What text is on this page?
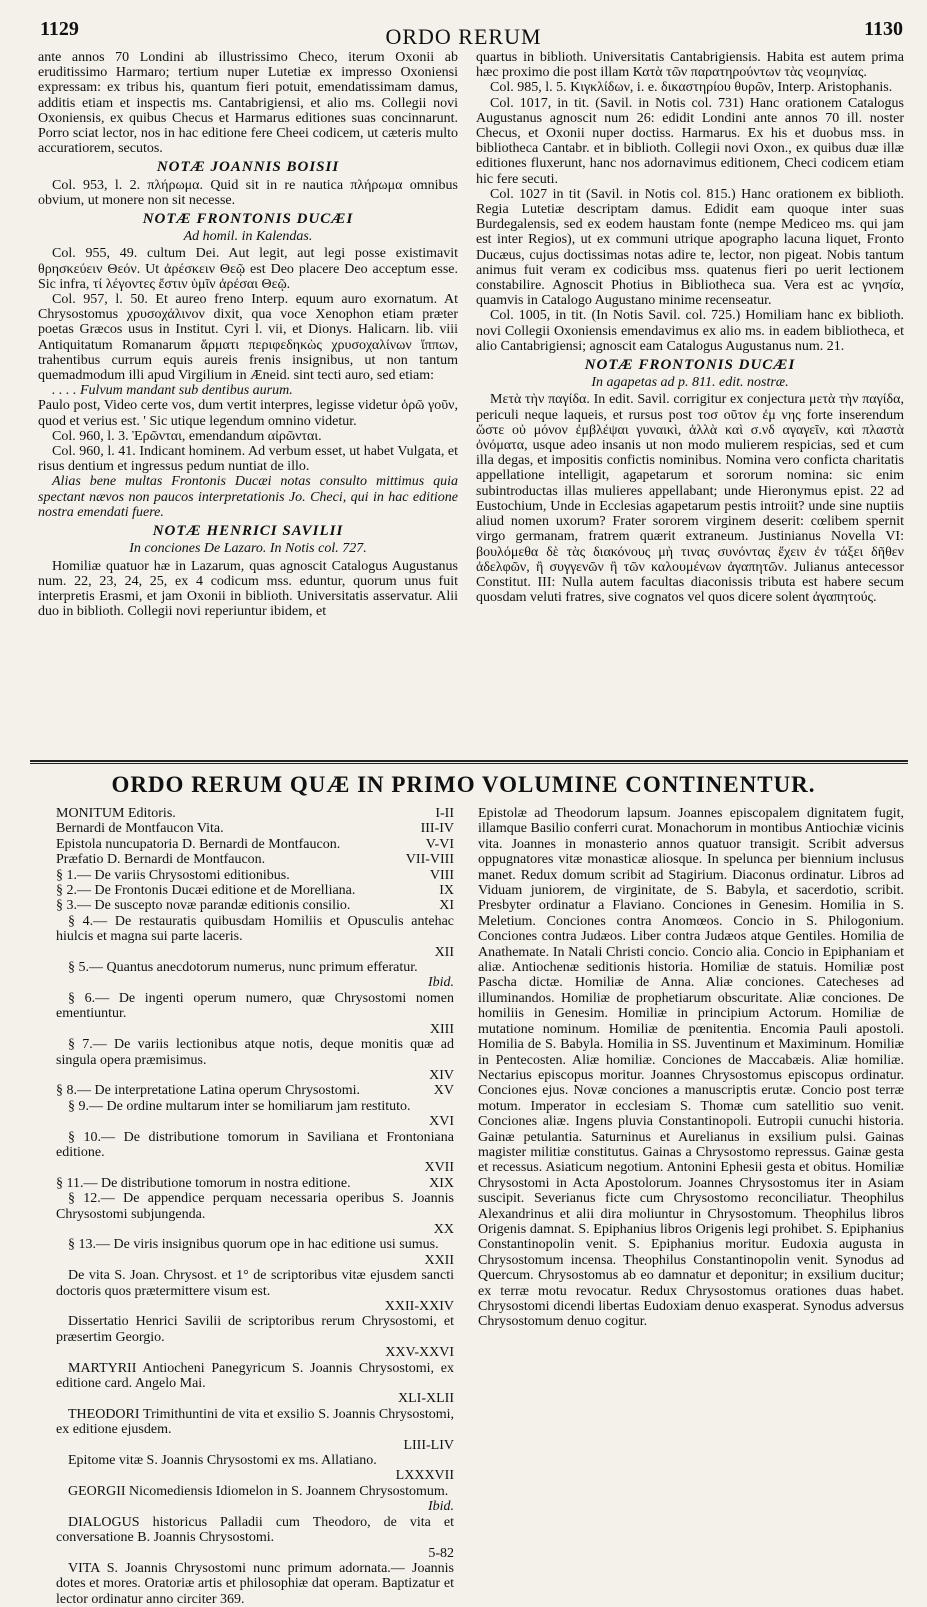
1129	ORDO RERUM	1130

ante annos 70 Londini ab illustrissimo Checo, iterum Oxonii ab eruditissimo Harmaro; tertium nuper Lutetiæ ex impresso Oxoniensi expressam: ex tribus his, quantum fieri potuit, emendatissimam damus, additis etiam et inspectis ms. Cantabrigiensi, et alio ms. Collegii novi Oxoniensis, ex quibus Checus et Harmarus editiones suas concinnarunt. Porro sciat lector, nos in hac editione fere Cheei codicem, ut cæteris multo accuratiorem, secutos.

NOTÆ JOANNIS BOISII

Col. 953, l. 2. πλήρωμα. Quid sit in re nautica πλήρωμα omnibus obvium, ut monere non sit necesse.

NOTÆ FRONTONIS DUCÆI
Ad homil. in Kalendas.

Col. 955, 49. cultum Dei. Aut legit, aut legi posse existimavit θρησκεύειν Θεόν. Ut ἀρέσκειν Θεῷ est Deo placere Deo acceptum esse. Sic infra, τί λέγοντες ἔστιν ὑμῖν ἀρέσαι Θεῷ.

Col. 957, l. 50. Et aureo freno Interp. equum auro exornatum. At Chrysostomus χρυσοχάλινον dixit, qua voce Xenophon etiam præter poetas Græcos usus in Institut. Cyri l. vii, et Dionys. Halicarn. lib. viii Antiquitatum Romanarum ἅρματι περιφεδηκὼς χρυσοχαλίνων ἵππων, trahentibus currum equis aureis frenis insignibus, ut non tantum quemadmodum illi apud Virgilium in Æneid. sint tecti auro, sed etiam:

. . . . Fulvum mandant sub dentibus aurum.

Paulo post, Video certe vos, dum vertit interpres, legisse videtur ὁρῶ γοῦν, quod et verius est. ' Sic utique legendum omnino videtur.

Col. 960, l. 3. Ἐρῶνται, emendandum αἰρῶνται.

Col. 960, l. 41. Indicant hominem. Ad verbum esset, ut habet Vulgata, et risus dentium et ingressus pedum nuntiat de illo.

Alias bene multas Frontonis Ducæi notas consulto mittimus quia spectant nævos non paucos interpretationis Jo. Checi, qui in hac editione nostra emendati fuere.

NOTÆ HENRICI SAVILII
In conciones De Lazaro. In Notis col. 727.

Homiliæ quatuor hæ in Lazarum, quas agnoscit Catalogus Augustanus num. 22, 23, 24, 25, ex 4 codicum mss. eduntur, quorum unus fuit interpretis Erasmi, et jam Oxonii in biblioth. Universitatis asservatur. Alii duo in biblioth. Collegii novi reperiuntur ibidem, et

quartus in biblioth. Universitatis Cantabrigiensis. Habita est autem prima hæc proximo die post illam Κατὰ τῶν παρατηρούντων τὰς νεομηνίας.

Col. 985, l. 5. Κιγκλίδων, i. e. δικαστηρίου θυρῶν, Interp. Aristophanis.

Col. 1017, in tit. (Savil. in Notis col. 731) Hanc orationem Catalogus Augustanus agnoscit num 26: edidit Londini ante annos 70 ill. noster Checus, et Oxonii nuper doctiss. Harmarus. Ex his et duobus mss. in bibliotheca Cantabr. et in biblioth. Collegii novi Oxon., ex quibus duæ illæ editiones fluxerunt, hanc nos adornavimus editionem, Checi codicem etiam hic fere secuti.

Col. 1027 in tit (Savil. in Notis col. 815.) Hanc orationem ex biblioth. Regia Lutetiæ descriptam damus. Edidit eam quoque inter suas Burdegalensis, sed ex eodem haustam fonte (nempe Mediceo ms. qui jam est inter Regios), ut ex communi utrique apographo lacuna liquet, Fronto Ducæus, cujus doctissimas notas adire te, lector, non pigeat. Nobis tantum animus fuit veram ex codicibus mss. quatenus fieri po uerit lectionem constabilire. Agnoscit Photius in Bibliotheca sua. Vera est ac γνησία, quamvis in Catalogo Augustano minime recenseatur.

Col. 1005, in tit. (In Notis Savil. col. 725.) Homiliam hanc ex biblioth. novi Collegii Oxoniensis emendavimus ex alio ms. in eadem bibliotheca, et alio Cantabrigiensi; agnoscit eam Catalogus Augustanus num. 21.

NOTÆ FRONTONIS DUCÆI
In agapetas ad p. 811. edit. nostræ.

Μετὰ τὴν παγίδα. In edit. Savil. corrigitur ex conjectura μετὰ τὴν παγίδα, periculi neque laqueis, et rursus post τοσ οῦτον ἐμ νης forte inserendum ὥστε οὐ μόνον ἐμβλέψαι γυναικὶ, ἀλλὰ καὶ σ.νδ αγαγεῖν, καὶ πλαστὰ ὀνόματα, usque adeo insanis ut non modo mulierem respicias, sed et cum illa degas, et impositis confictis nominibus. Nomina vero conficta charitatis appellatione intelligit, agapetarum et sororum nomina: sic enim subintroductas illas mulieres appellabant; unde Hieronymus epist. 22 ad Eustochium, Unde in Ecclesias agapetarum pestis introiit? unde sine nuptiis aliud nomen uxorum? Frater sororem virginem deserit: cœlibem spernit virgo germanam, fratrem quærit extraneum. Justinianus Novella VI: βουλόμεθα δὲ τὰς διακόνους μὴ τινας συνόντας ἔχειν ἐν τάξει δῆθεν ἀδελφῶν, ἢ συγγενῶν ἢ τῶν καλουμένων ἀγαπητῶν. Julianus antecessor Constitut. III: Nulla autem facultas diaconissis tributa est habere secum quosdam veluti fratres, sive cognatos vel quos dicere solent ἀγαπητούς.

ORDO RERUM QUÆ IN PRIMO VOLUMINE CONTINENTUR.
MONITUM Editoris.	I-II
Bernardi de Montfaucon Vita.	III-IV
Epistola nuncupatoria D. Bernardi de Montfaucon.	V-VI
Præfatio D. Bernardi de Montfaucon.	VII-VIII
§ 1.— De variis Chrysostomi editionibus.	VIII
§ 2.— De Frontonis Ducæi editione et de Morelliana.	IX
§ 3.— De suscepto novæ parandæ editionis consilio.	XI
§ 4.— De restauratis quibusdam Homiliis et Opusculis antehac hiulcis et magna sui parte laceris.
XII
§ 5.— Quantus anecdotorum numerus, nunc primum efferatur.
Ibid.
§ 6.— De ingenti operum numero, quæ Chrysostomi nomen ementiuntur.
XIII
§ 7.— De variis lectionibus atque notis, deque monitis quæ ad singula opera præmisimus.
XIV
§ 8.— De interpretatione Latina operum Chrysostomi.	XV
§ 9.— De ordine multarum inter se homiliarum jam restituto.
XVI
§ 10.— De distributione tomorum in Saviliana et Frontoniana editione.
XVII
§ 11.— De distributione tomorum in nostra editione.	XIX
§ 12.— De appendice perquam necessaria operibus S. Joannis Chrysostomi subjungenda.
XX
§ 13.— De viris insignibus quorum ope in hac editione usi sumus.
XXII
De vita S. Joan. Chrysost. et 1° de scriptoribus vitæ ejusdem sancti doctoris quos prætermittere visum est.
XXII-XXIV
Dissertatio Henrici Savilii de scriptoribus rerum Chrysostomi, et præsertim Georgio.
XXV-XXVI
MARTYRII Antiocheni Panegyricum S. Joannis Chrysostomi, ex editione card. Angelo Mai.
XLI-XLII
THEODORI Trimithuntini de vita et exsilio S. Joannis Chrysostomi, ex editione ejusdem.
LIII-LIV
Epitome vitæ S. Joannis Chrysostomi ex ms. Allatiano.
LXXXVII
GEORGII Nicomediensis Idiomelon in S. Joannem Chrysostomum.
Ibid.
DIALOGUS historicus Palladii cum Theodoro, de vita et conversatione B. Joannis Chrysostomi.
5-82
VITA S. Joannis Chrysostomi nunc primum adornata.— Joannis dotes et mores. Oratoriæ artis et philosophiæ dat operam. Baptizatur et lector ordinatur anno circiter 369.
Epistolæ ad Theodorum lapsum. Joannes episcopalem dignitatem fugit, illamque Basilio conferri curat. Monachorum in montibus Antiochiæ vicinis vita. Joannes in monasterio annos quatuor transigit. Scribit adversus oppugnatores vitæ monasticæ aliosque. In spelunca per biennium inclusus manet. Redux domum scribit ad Stagirium. Diaconus ordinatur. Libros ad Viduam juniorem, de virginitate, de S. Babyla, et sacerdotio, scribit. Presbyter ordinatur a Flaviano. Conciones in Genesim. Homilia in S. Meletium. Conciones contra Anomœos. Concio in S. Philogonium. Conciones contra Judæos. Liber contra Judæos atque Gentiles. Homilia de Anathemate. In Natali Christi concio. Concio alia. Concio in Epiphaniam et aliæ. Antiochenæ seditionis historia. Homiliæ de statuis. Homiliæ post Pascha dictæ. Homiliæ de Anna. Aliæ conciones. Catecheses ad illuminandos. Homiliæ de prophetiarum obscuritate. Aliæ conciones. De homiliis in Genesim. Homiliæ in principium Actorum. Homiliæ de mutatione nominum. Homiliæ de pœnitentia. Encomia Pauli apostoli. Homilia de S. Babyla. Homilia in SS. Juventinum et Maximinum. Homiliæ in Pentecosten. Aliæ homiliæ. Conciones de Maccabæis. Aliæ homiliæ. Nectarius episcopus moritur. Joannes Chrysostomus episcopus ordinatur. Conciones ejus. Novæ conciones a manuscriptis erutæ. Concio post terræ motum. Imperator in ecclesiam S. Thomæ cum satellitio suo venit. Conciones aliæ. Ingens pluvia Constantinopoli. Eutropii cunuchi historia. Gainæ petulantia. Saturninus et Aurelianus in exsilium pulsi. Gainas magister militiæ constitutus. Gainas a Chrysostomo repressus. Gainæ gesta et recessus. Asiaticum negotium. Antonini Ephesii gesta et obitus. Homiliæ Chrysostomi in Acta Apostolorum. Joannes Chrysostomus iter in Asiam suscipit. Severianus ficte cum Chrysostomo reconciliatur. Theophilus Alexandrinus et alii dira moliuntur in Chrysostomum. Theophilus libros Origenis damnat. S. Epiphanius libros Origenis legi prohibet. S. Epiphanius Constantinopolin venit. S. Epiphanius moritur. Eudoxia augusta in Chrysostomum incensa. Theophilus Constantinopolin venit. Synodus ad Quercum. Chrysostomus ab eo damnatur et deponitur; in exsilium ducitur; ex terræ motu revocatur. Redux Chrysostomus orationes duas habet. Chrysostomi dicendi libertas Eudoxiam denuo exasperat. Synodus adversus Chrysostomum denuo cogitur.
